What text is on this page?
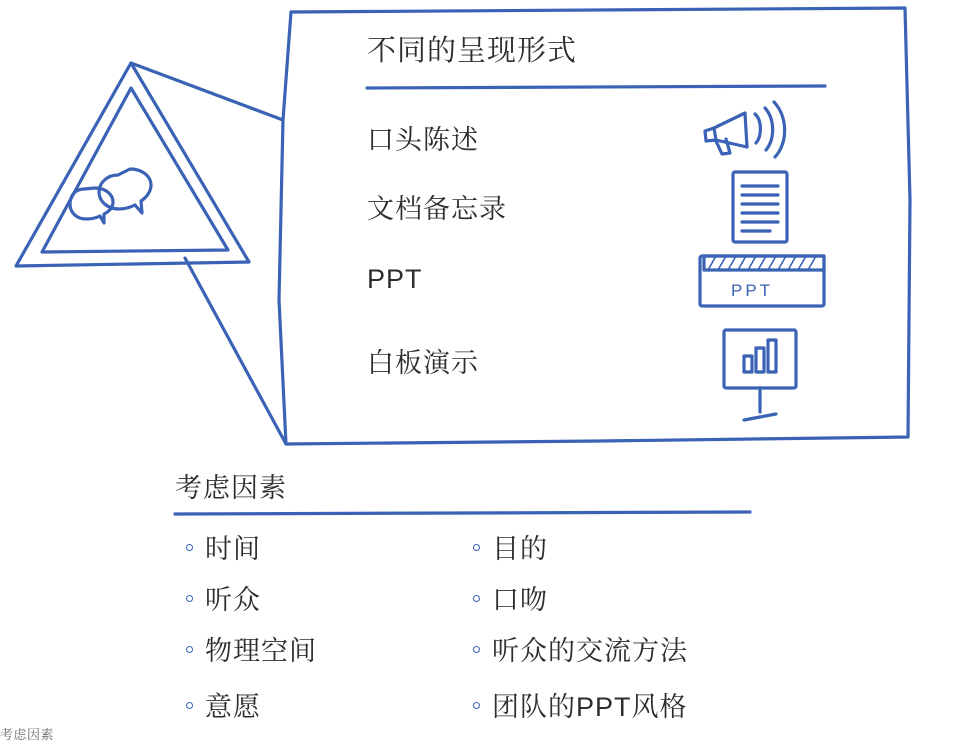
不同的呈现形式
口头陈述
文档备忘录
PPT
白板演示
PPT
考虑因素
时间
听众
物理空间
意愿
目的
口吻
听众的交流方法
团队的PPT风格
考虑因素
